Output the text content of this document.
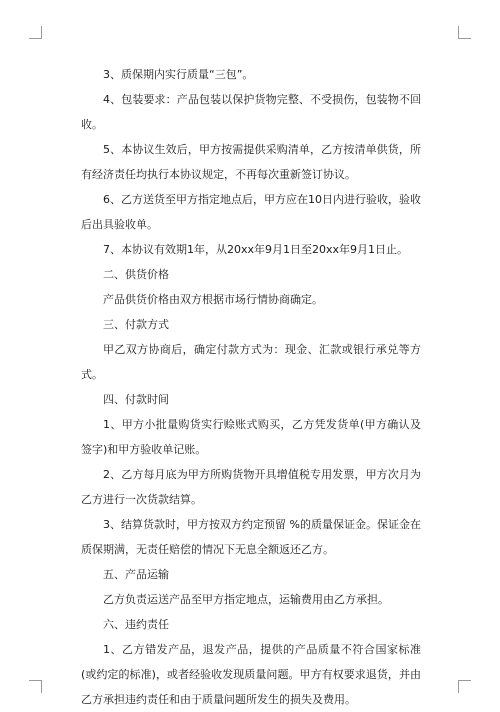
3、质保期内实行质量“三包”。

4、包装要求：产品包装以保护货物完整、不受损伤，包装物不回收。

5、本协议生效后，甲方按需提供采购清单，乙方按清单供货，所有经济责任均执行本协议规定，不再每次重新签订协议。

6、乙方送货至甲方指定地点后，甲方应在10日内进行验收，验收后出具验收单。

7、本协议有效期1年，从20xx年9月1日至20xx年9月1日止。

二、供货价格

产品供货价格由双方根据市场行情协商确定。

三、付款方式

甲乙双方协商后，确定付款方式为：现金、汇款或银行承兑等方式。

四、付款时间

1、甲方小批量购货实行赊账式购买，乙方凭发货单(甲方确认及签字)和甲方验收单记账。

2、乙方每月底为甲方所购货物开具增值税专用发票，甲方次月为乙方进行一次货款结算。

3、结算货款时，甲方按双方约定预留 %的质量保证金。保证金在质保期满，无责任赔偿的情况下无息全额返还乙方。

五、产品运输

乙方负责运送产品至甲方指定地点，运输费用由乙方承担。

六、违约责任

1、乙方错发产品，退发产品，提供的产品质量不符合国家标准(或约定的标准)，或者经验收发现质量问题。甲方有权要求退货，并由乙方承担违约责任和由于质量问题所发生的损失及费用。
